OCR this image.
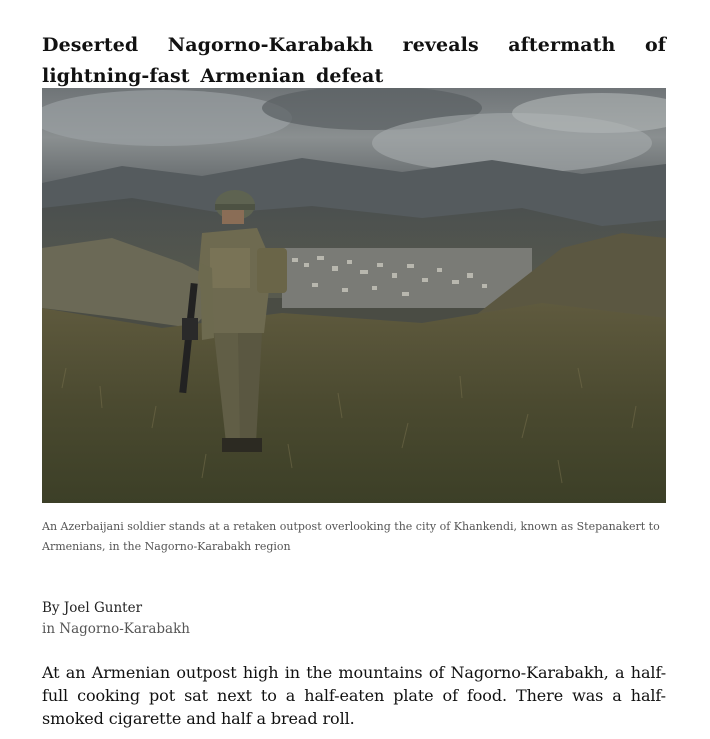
Deserted Nagorno-Karabakh reveals aftermath of lightning-fast Armenian defeat

An Azerbaijani soldier stands at a retaken outpost overlooking the city of Khankendi, known as Stepanakert to Armenians, in the Nagorno-Karabakh region

By Joel Gunter
in Nagorno-Karabakh

At an Armenian outpost high in the mountains of Nagorno-Karabakh, a half-full cooking pot sat next to a half-eaten plate of food. There was a half-smoked cigarette and half a bread roll.
